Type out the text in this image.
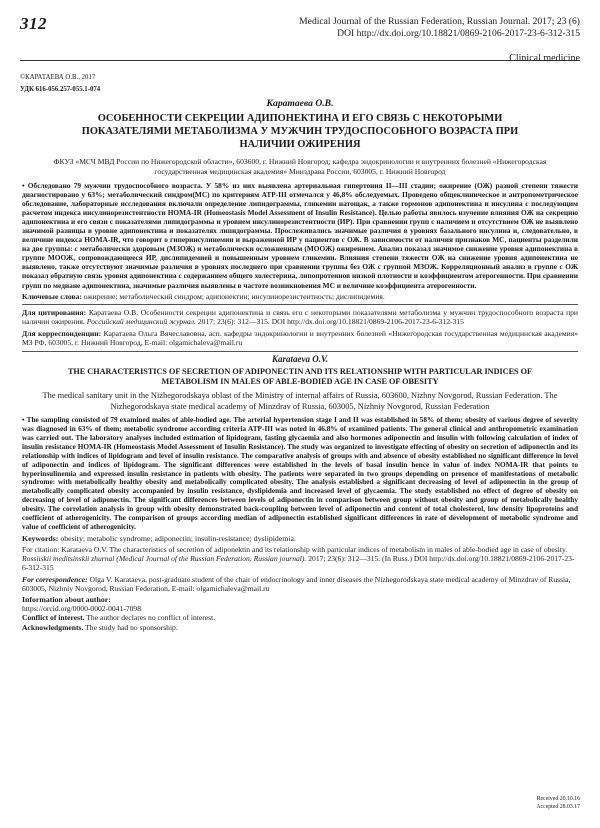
312	Medical Journal of the Russian Federation, Russian Journal. 2017; 23 (6)
DOI http://dx.doi.org/10.18821/0869-2106-2017-23-6-312-315
Clinical medicine
©КАРАТАЕВА О.В., 2017
УДК 616-056.257-055.1-074
Каратаева О.В.
ОСОБЕННОСТИ СЕКРЕЦИИ АДИПОНЕКТИНА И ЕГО СВЯЗЬ С НЕКОТОРЫМИ ПОКАЗАТЕЛЯМИ МЕТАБОЛИЗМА У МУЖЧИН ТРУДОСПОСОБНОГО ВОЗРАСТА ПРИ НАЛИЧИИ ОЖИРЕНИЯ
ФКУЗ «МСЧ МВД России по Нижегородской области», 603600, г. Нижний Новгород; кафедра эндокринологии и внутренних болезней «Нижегородская государственная медицинская академия» Минздрава России, 603005, г. Нижний Новгород

• Обследовано 79 мужчин трудоспособного возраста. У 58% из них выявлена артериальная гипертония II—III стадии; ожирение (ОЖ) разной степени тяжести диагностировано у 63%; метаболический синдром(МС) по критериям АТР-III отмечался у 46,8% обследуемых. Проведено общеклиническое и антропометрическое обследование, лабораторные исследования включали определение липидограммы, гликемии натощак, а также гормонов адипонектина и инсулина с последующим расчетом индекса инсулинорезистентности HOMA-IR (Homeostasis Model Assessment of Insulin Resistance). Целью работы явилось изучение влияния ОЖ на секрецию адипонектина и его связи с показателями липидограммы и уровнем инсулинорезистентности (ИР). При сравнении групп с наличием и отсутствием ОЖ не выявлено значимой разницы в уровне адипонектина и показателях липидограммы. Прослеживались значимые различия в уровнях базального инсулина и, следовательно, в величине индекса НОМА-IR, что говорит о гиперинсулинемии и выраженной ИР у пациентов с ОЖ. В зависимости от наличия признаков МС, пациенты разделили на две группы: с метаболически здоровым (МЗОЖ) и метаболически осложненным (МООЖ) ожирением. Анализ показал значимое снижение уровня адипонектина в группе МООЖ, сопровождающееся ИР, дислипидемией и повышенным уровнем гликемии. Влияния степени тяжести ОЖ на снижение уровня адипонектина не выявлено, также отсутствуют значимые различия в уровнях последнего при сравнении группы без ОЖ с группой МЗОЖ. Корреляционный анализ в группе с ОЖ показал обратную связь уровня адипонектина с содержанием общего холестерина, липопротеинов низкой плотности и коэффициентом атерогенности. При сравнении групп по медиане адипонектина, значимые различия выявлены в частоте возникновения МС и величине коэффициента атерогенности.

Ключевые слова: ожирение; метаболический синдром; адипонектин; инсулинорезистентность; дислипидемия.

Для цитирования: Каратаева О.В. Особенности секреции адипонектина и связь его с некоторыми показателями метаболизма у мужчин трудоспособного возраста при наличии ожирения. Российский медицинский журнал. 2017; 23(6): 312—315. DOI http://dx.doi.org/10.18821/0869-2106-2017-23-6-312-315

Для корреспонденции: Каратаева Ольга Вячеславовна, асп. кафедры эндокринологии и внутренних болезней «Нижегородская государственная медицинская академия» МЗ РФ, 603005, г. Нижний Новгород, E-mail: olgamichaleva@mail.ru

Karataeva O.V.
THE CHARACTERISTICS OF SECRETION OF ADIPONECTIN AND ITS RELATIONSHIP WITH PARTICULAR INDICES OF METABOLISM IN MALES OF ABLE-BODIED AGE IN CASE OF OBESITY
The medical sanitary unit in the Nizhegorodskaya oblast of the Ministry of internal affairs of Russia, 603600, Nizhny Novgorod, Russian Federation. The Nizhegorodskaya state medical academy of Minzdrav of Russia, 603005, Nizhniy Novgorod, Russian Federation

• The sampling consisted of 79 examined males of able-bodied age. The arterial hypertension stage I and II was established in 58% of them; obesity of various degree of severity was diagnosed in 63% of them; metabolic syndrome according criteria ATP-III was noted in 46.8% of examined patients. The general clinical and anthropometric examination was carried out. The laboratory analyses included estimation of lipidogram, fasting glycaemia and also hormones adiponectin and insulin with following calculation of index of insulin resistance HOMA-IR (Homeostasis Model Assessment of Insulin Resistance). The study was organized to investigate effecting of obesity on secretion of adiponectin and its relationship with indices of lipidogram and level of insulin resistance. The comparative analysis of groups with and absence of obesity established no significant difference in level of adiponectin and indices of lipidogram. The significant differences were established in the levels of basal insulin hence in value of index NOMA-IR that points to hyperinsulinemia and expressed insulin resistance in patients with obesity. The patients were separated in two groups depending on presence of manifestations of metabolic syndrome: with metabolically healthy obesity and metabolically complicated obesity. The analysis established a significant decreasing of level of adiponectin in the group of metabolically complicated obesity accompanied by insulin resistance, dyslipidemia and increased level of glycaemia. The study established no effect of degree of obesity on decreasing of level of adiponectin. The significant differences between levels of adiponectin in comparison between group without obesity and group of metabolically healthy obesity. The correlation analysis in group with obesity demonstrated back-coupling between level of adiponectin and content of total cholesterol, low density lipoproteins and coefficient of atherogenicity. The comparison of groups according median of adiponectin established significant differences in rate of development of metabolic syndrome and value of coefficient of atherogenicity.

Keywords: obesity; metabolic syndrome; adiponectin; insulin-resistance; dyslipidemia.

For citation: Karataeva O.V. The characteristics of secretion of adiponektin and its relationship with particular indices of metabolism in males of able-bodied age in case of obesity. Rossiiskii meditsinskii zhurnal (Medical Journal of the Russian Federation, Russian journal). 2017; 23(6): 312—315. (In Russ.) DOI http://dx.doi.org/10.18821/0869-2106-2017-23-6-312-315

For correspondence: Olga V. Karataeva, post-graduate student of the chair of endocrinology and inner diseases the Nizhegorodskaya state medical academy of Minzdrav of Russia, 603005, Nizhniy Novgorod, Russian Federation, E-mail: olgamichaleva@mail.ru

Information about author:

https://orcid.org/0000-0002-0041-7098

Conflict of interest. The author declares no conflict of interest.

Acknowledgments. The study had no sponsorship.

Received 20.10.16
Accepted 28.03.17
